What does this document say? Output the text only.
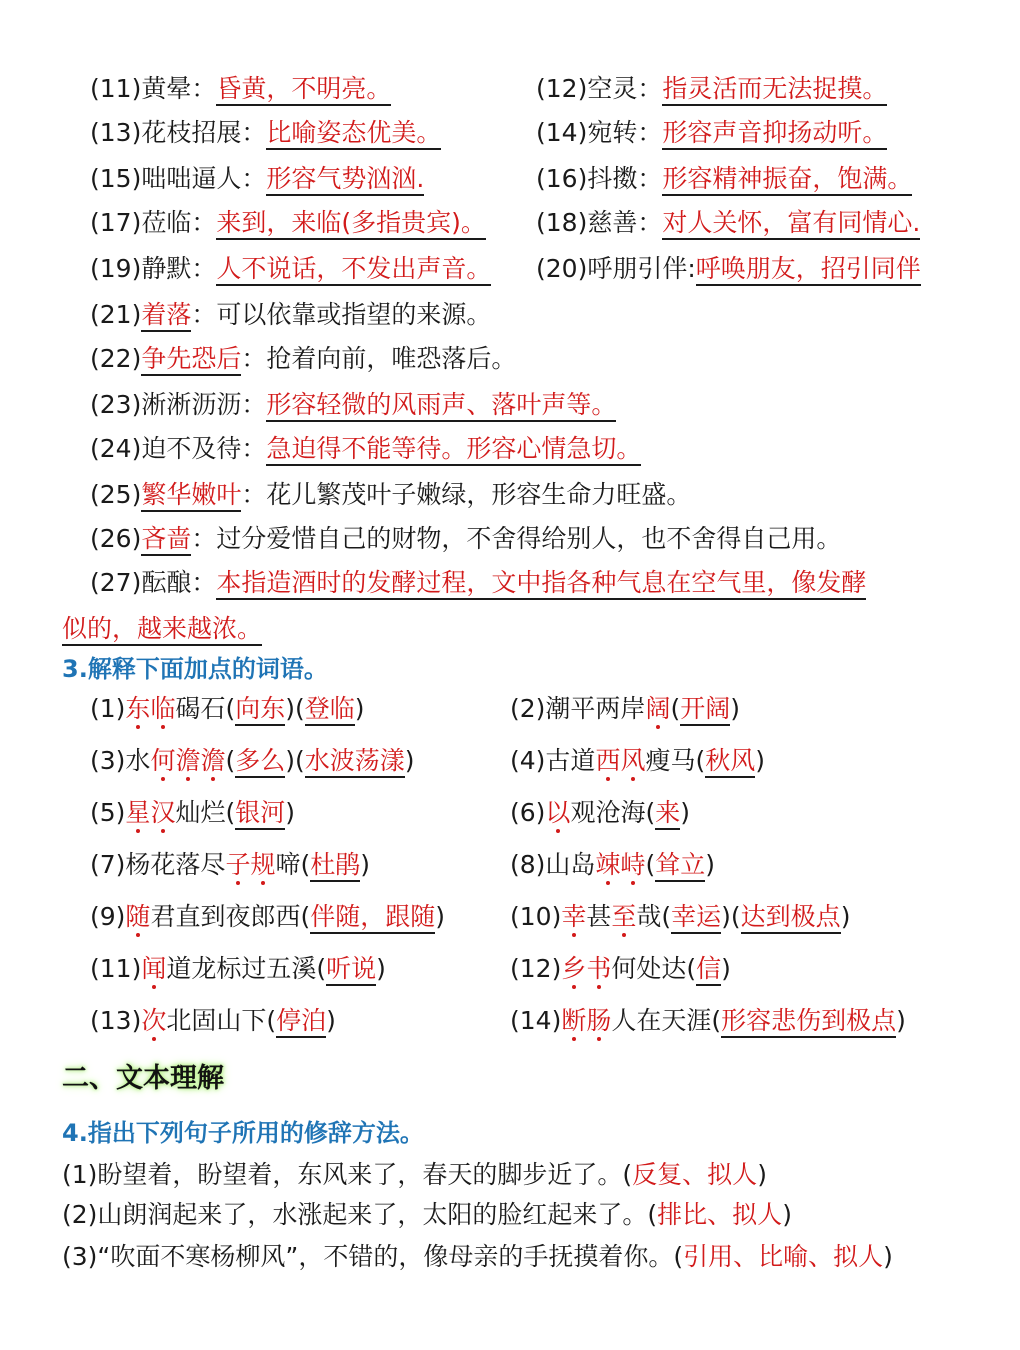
(11)黄晕：昏黄，不明亮。
(13)花枝招展：比喻姿态优美。
(15)咄咄逼人：形容气势汹汹.
(17)莅临：来到，来临(多指贵宾)。
(19)静默：人不说话，不发出声音。
(12)空灵：指灵活而无法捉摸。
(14)宛转：形容声音抑扬动听。
(16)抖擞：形容精神振奋，饱满。
(18)慈善：对人关怀，富有同情心.
(20)呼朋引伴:呼唤朋友，招引同伴
(21)着落：可以依靠或指望的来源。
(22)争先恐后：抢着向前，唯恐落后。
(23)淅淅沥沥：形容轻微的风雨声、落叶声等。
(24)迫不及待：急迫得不能等待。形容心情急切。
(25)繁华嫩叶：花儿繁茂叶子嫩绿，形容生命力旺盛。
(26)吝啬：过分爱惜自己的财物，不舍得给别人，也不舍得自己用。
(27)酝酿：本指造酒时的发酵过程，文中指各种气息在空气里，像发酵
似的，越来越浓。
3.解释下面加点的词语。
(1)东临碣石(向东)(登临)
(3)水何澹澹(多么)(水波荡漾)
(5)星汉灿烂(银河)
(7)杨花落尽子规啼(杜鹃)
(9)随君直到夜郎西(伴随，跟随)
(11)闻道龙标过五溪(听说)
(13)次北固山下(停泊)
(2)潮平两岸阔(开阔)
(4)古道西风瘦马(秋风)
(6)以观沧海(来)
(8)山岛竦峙(耸立)
(10)幸甚至哉(幸运)(达到极点)
(12)乡书何处达(信)
(14)断肠人在天涯(形容悲伤到极点)
二、文本理解
4.指出下列句子所用的修辞方法。
(1)盼望着，盼望着，东风来了，春天的脚步近了。(反复、拟人)
(2)山朗润起来了，水涨起来了，太阳的脸红起来了。(排比、拟人)
(3)“吹面不寒杨柳风”，不错的，像母亲的手抚摸着你。(引用、比喻、拟人)
